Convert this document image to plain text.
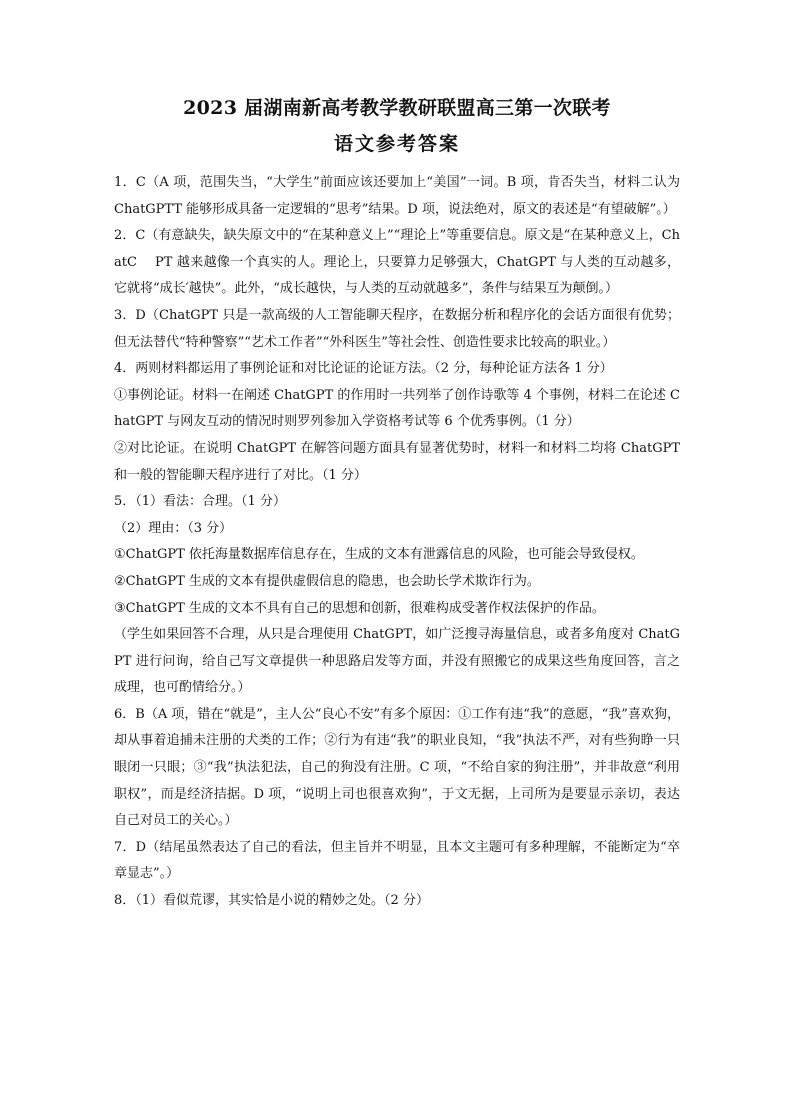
2023 届湖南新高考教学教研联盟高三第一次联考
语文参考答案

1．C（A 项，范围失当，“大学生”前面应该还要加上“美国”一词。B 项，肯否失当，材料二认为　ChatGPTT 能够形成具备一定逻辑的“思考”结果。D 项，说法绝对，原文的表述是“有望破解”。）

2．C（有意缺失，缺失原文中的“在某种意义上”“理论上”等重要信息。原文是“在某种意义上，ChatC　 PT 越来越像一个真实的人。理论上，只要算力足够强大，ChatGPT 与人类的互动越多，它就将“成长′越快”。此外，“成长越快，与人类的互动就越多”，条件与结果互为颠倒。）

3．D（ChatGPT 只是一款高级的人工智能聊天程序，在数据分析和程序化的会话方面很有优势；但无法替代“特种警察”“艺术工作者”“外科医生”等社会性、创造性要求比较高的职业。）

4．两则材料都运用了事例论证和对比论证的论证方法。（2 分，每种论证方法各 1 分）

①事例论证。材料一在阐述 ChatGPT 的作用时一共列举了创作诗歌等 4 个事例，材料二在论述 ChatGPT 与网友互动的情况时则罗列参加入学资格考试等 6 个优秀事例。（1 分）

②对比论证。在说明 ChatGPT 在解答问题方面具有显著优势时，材料一和材料二均将 ChatGPT 和一般的智能聊天程序进行了对比。（1 分）

5．（1）看法：合理。（1 分）

（2）理由：（3 分）

①ChatGPT 依托海量数据库信息存在，生成的文本有泄露信息的风险，也可能会导致侵权。

②ChatGPT 生成的文本有提供虚假信息的隐患，也会助长学术欺诈行为。

③ChatGPT 生成的文本不具有自己的思想和创新，很难构成受著作权法保护的作品。

（学生如果回答不合理，从只是合理使用 ChatGPT，如广泛搜寻海量信息，或者多角度对 ChatGPT 进行问询，给自己写文章提供一种思路启发等方面，并没有照搬它的成果这些角度回答，言之成理，也可酌情给分。）

6．B（A 项，错在“就是”，主人公“良心不安”有多个原因：①工作有违“我”的意愿，“我”喜欢狗，却从事着追捕未注册的犬类的工作；②行为有违“我”的职业良知，“我”执法不严，对有些狗睁一只眼闭一只眼；③“我”执法犯法，自己的狗没有注册。C 项，“不给自家的狗注册”，并非故意“利用职权”，而是经济拮据。D 项，“说明上司也很喜欢狗”，于文无据，上司所为是要显示亲切，表达自己对员工的关心。）

7．D（结尾虽然表达了自己的看法，但主旨并不明显，且本文主题可有多种理解，不能断定为“卒章显志”。）

8．（1）看似荒谬，其实恰是小说的精妙之处。（2 分）
